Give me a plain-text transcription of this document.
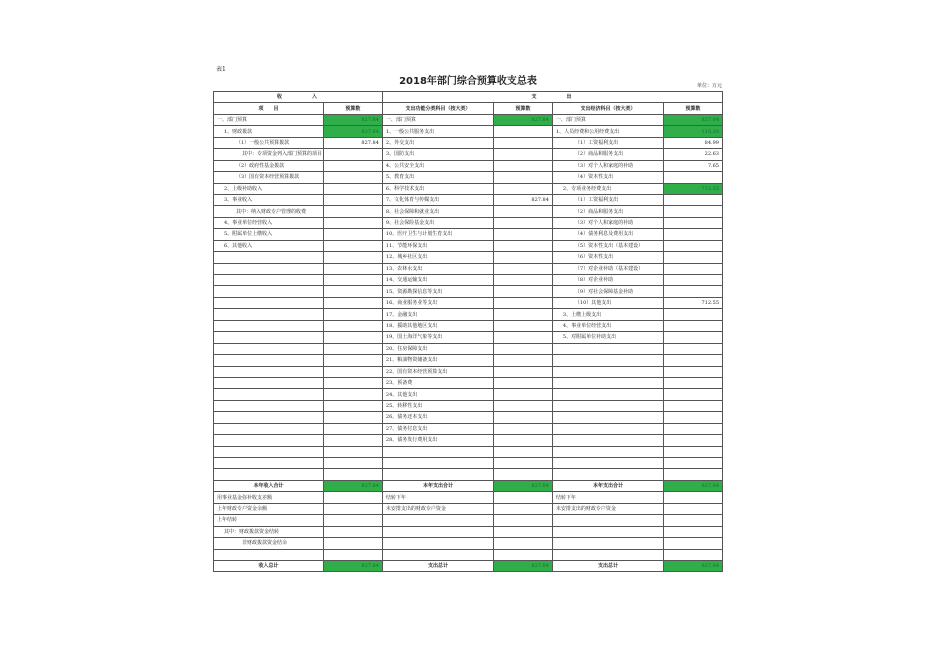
表1
2018年部门综合预算收支总表	单位：万元
收　　　　入		支　　　　出			
项　　目	预算数	支出功能分类科目（按大类）	预算数	支出经济科目（按大类）	预算数
一、部门预算	827.84	一、部门预算	827.84	一、部门预算	827.84
1、财政拨款	827.84	1、一般公共服务支出		1、人员经费和公用经费支出	115.28
（1）一般公共预算拨款	827.84	2、外交支出		（1）工资福利支出	84.99
其中：专项资金列入部门预算的项目		3、国防支出		（2）商品和服务支出	22.63
（2）政府性基金拨款		4、公共安全支出		（3）对个人和家庭的补助	7.65
（3）国有资本经营预算拨款		5、教育支出		（4）资本性支出	
2、上级补助收入		6、科学技术支出		2、专项业务经费支出	712.55
3、事业收入		7、文化体育与传媒支出	827.84	（1）工资福利支出	
其中：纳入财政专户管理的收费		8、社会保障和就业支出		（2）商品和服务支出	
4、事业单位经营收入		9、社会保险基金支出		（3）对个人和家庭的补助	
5、附属单位上缴收入		10、医疗卫生与计划生育支出		（4）债务利息及费用支出	
6、其他收入		11、节能环保支出		（5）资本性支出（基本建设）	
		12、城乡社区支出		（6）资本性支出	
		13、农林水支出		（7）对企业补助（基本建设）	
		14、交通运输支出		（8）对企业补助	
		15、资源勘探信息等支出		（9）对社会保障基金补助	
		16、商业服务业等支出		（10）其他支出	712.55
		17、金融支出		3、上缴上级支出	
		18、援助其他地区支出		4、事业单位经营支出	
		19、国土海洋气象等支出		5、对附属单位补助支出	
		20、住房保障支出			
		21、粮油物资储备支出			
		22、国有资本经营预算支出			
		23、预备费			
		24、其他支出			
		25、转移性支出			
		26、债务还本支出			
		27、债务付息支出			
		28、债务发行费用支出			

本年收入合计	827.84	本年支出合计	827.84	本年支出合计	827.84
用事业基金弥补收支差额		结转下年		结转下年	
上年财政专户资金余额		未安排支出的财政专户资金		未安排支出的财政专户资金	
上年结转					
其中：财政拨款资金结转					
非财政拨款资金结余					

收入总计	827.84	支出总计	827.84	支出总计	827.84
